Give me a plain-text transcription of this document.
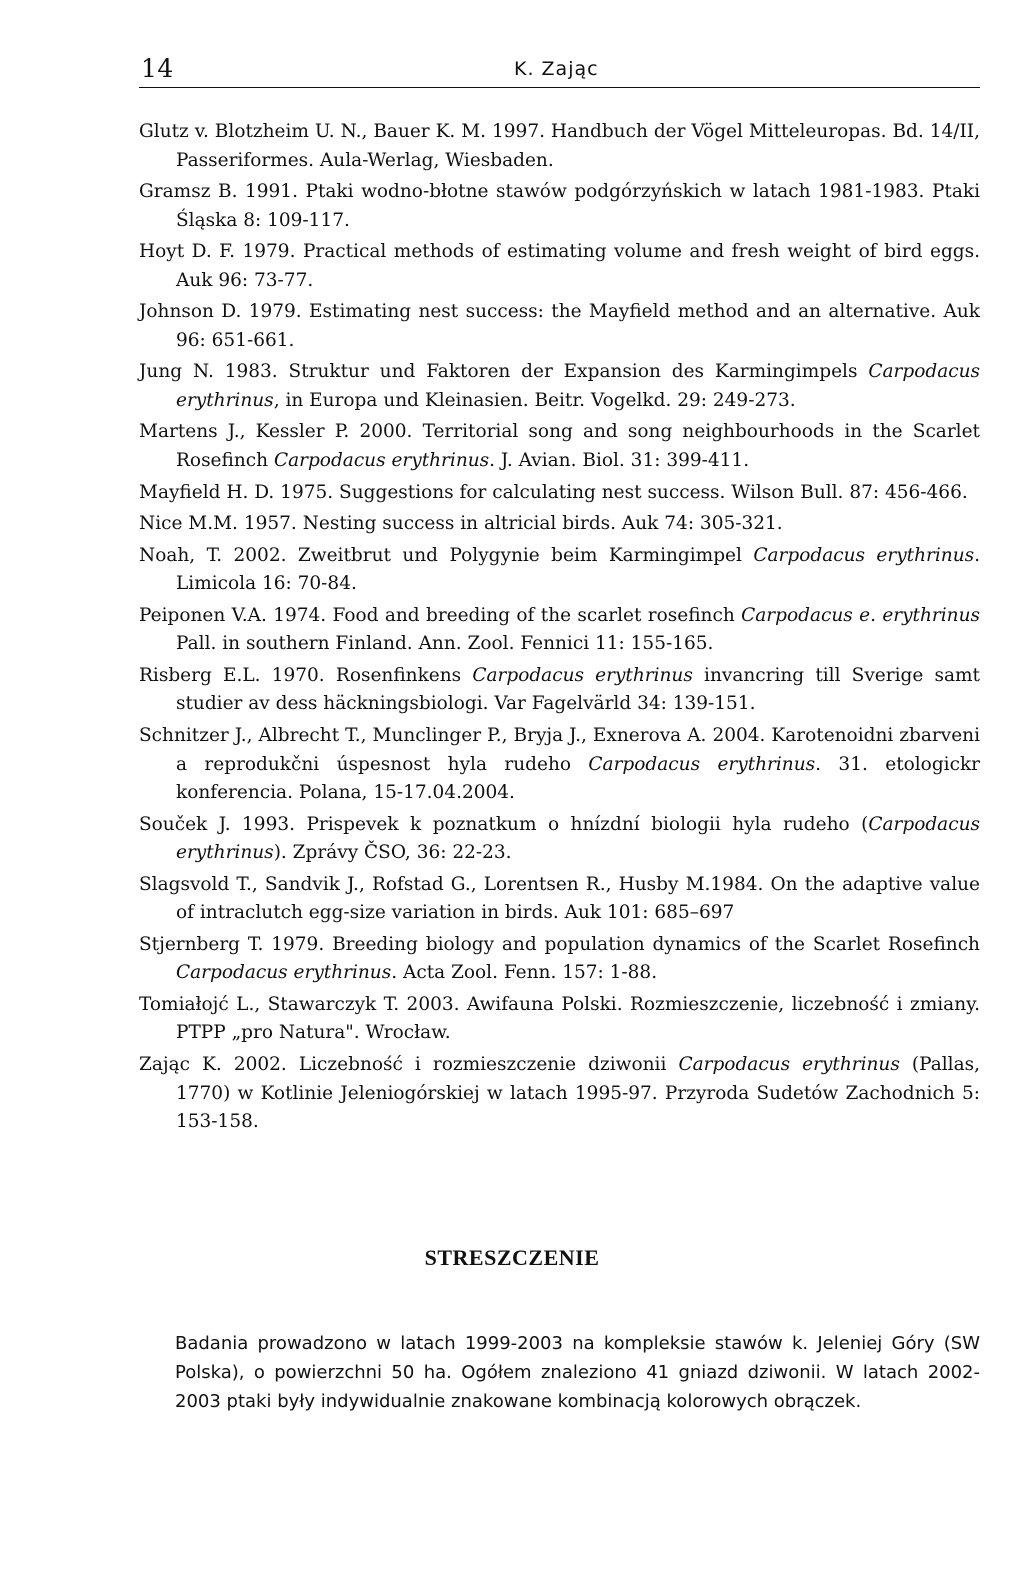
14	K. Zając

Glutz v. Blotzheim U. N., Bauer K. M. 1997. Handbuch der Vögel Mitteleuropas. Bd. 14/II, Passeriformes. Aula-Werlag, Wiesbaden.

Gramsz B. 1991. Ptaki wodno-błotne stawów podgórzyńskich w latach 1981-1983. Ptaki Śląska 8: 109-117.

Hoyt D. F. 1979. Practical methods of estimating volume and fresh weight of bird eggs. Auk 96: 73-77.

Johnson D. 1979. Estimating nest success: the Mayfield method and an alternative. Auk 96: 651-661.

Jung N. 1983. Struktur und Faktoren der Expansion des Karmingimpels Carpodacus erythrinus, in Europa und Kleinasien. Beitr. Vogelkd. 29: 249-273.

Martens J., Kessler P. 2000. Territorial song and song neighbourhoods in the Scarlet Rosefinch Carpodacus erythrinus. J. Avian. Biol. 31: 399-411.

Mayfield H. D. 1975. Suggestions for calculating nest success. Wilson Bull. 87: 456-466.

Nice M.M. 1957. Nesting success in altricial birds. Auk 74: 305-321.

Noah, T. 2002. Zweitbrut und Polygynie beim Karmingimpel Carpodacus erythrinus. Limicola 16: 70-84.

Peiponen V.A. 1974. Food and breeding of the scarlet rosefinch Carpodacus e. erythrinus Pall. in southern Finland. Ann. Zool. Fennici 11: 155-165.

Risberg E.L. 1970. Rosenfinkens Carpodacus erythrinus invancring till Sverige samt studier av dess häckningsbiologi. Var Fagelvärld 34: 139-151.

Schnitzer J., Albrecht T., Munclinger P., Bryja J., Exnerova A. 2004. Karotenoidni zbarveni a reprodukčni úspesnost hyla rudeho Carpodacus erythrinus. 31. etologickr konferencia. Polana, 15-17.04.2004.

Souček J. 1993. Prispevek k poznatkum o hnízdní biologii hyla rudeho (Carpodacus erythrinus). Zprávy ČSO, 36: 22-23.

Slagsvold T., Sandvik J., Rofstad G., Lorentsen R., Husby M.1984. On the adaptive value of intraclutch egg-size variation in birds. Auk 101: 685–697

Stjernberg T. 1979. Breeding biology and population dynamics of the Scarlet Rosefinch Carpodacus erythrinus. Acta Zool. Fenn. 157: 1-88.

Tomiałojć L., Stawarczyk T. 2003. Awifauna Polski. Rozmieszczenie, liczebność i zmiany. PTPP „pro Natura". Wrocław.

Zając K. 2002. Liczebność i rozmieszczenie dziwonii Carpodacus erythrinus (Pallas, 1770) w Kotlinie Jeleniogórskiej w latach 1995-97. Przyroda Sudetów Zachodnich 5: 153-158.

STRESZCZENIE

Badania prowadzono w latach 1999-2003 na kompleksie stawów k. Jeleniej Góry (SW Polska), o powierzchni 50 ha. Ogółem znaleziono 41 gniazd dziwonii. W latach 2002-2003 ptaki były indywidualnie znakowane kombinacją kolorowych obrączek.
